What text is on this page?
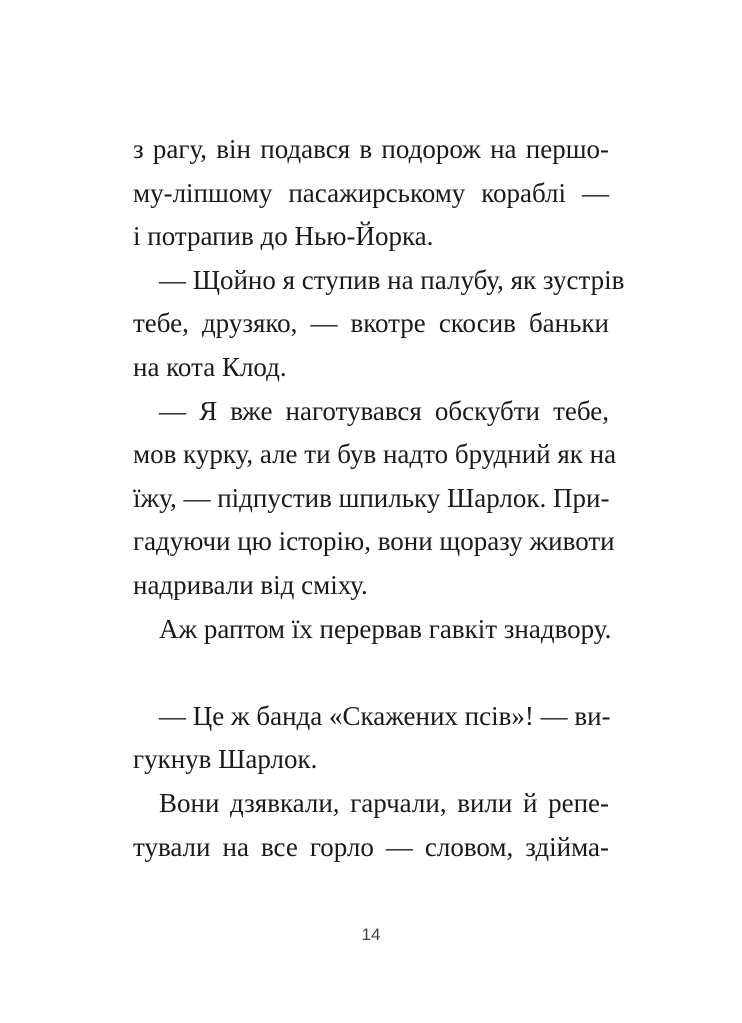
з рагу, він подався в подорож на першо-
му-ліпшому пасажирському кораблі —
і потрапив до Нью-Йорка.
— Щойно я ступив на палубу, як зустрів
тебе, друзяко, — вкотре скосив баньки
на кота Клод.
— Я вже наготувався обскубти тебе,
мов курку, але ти був надто брудний як на
їжу, — підпустив шпильку Шарлок. При-
гадуючи цю історію, вони щоразу животи
надривали від сміху.
Аж раптом їх перервав гавкіт знадвору.
— Це ж банда «Скажених псів»! — ви-
гукнув Шарлок.
Вони дзявкали, гарчали, вили й репе-
тували на все горло — словом, здійма-
14
